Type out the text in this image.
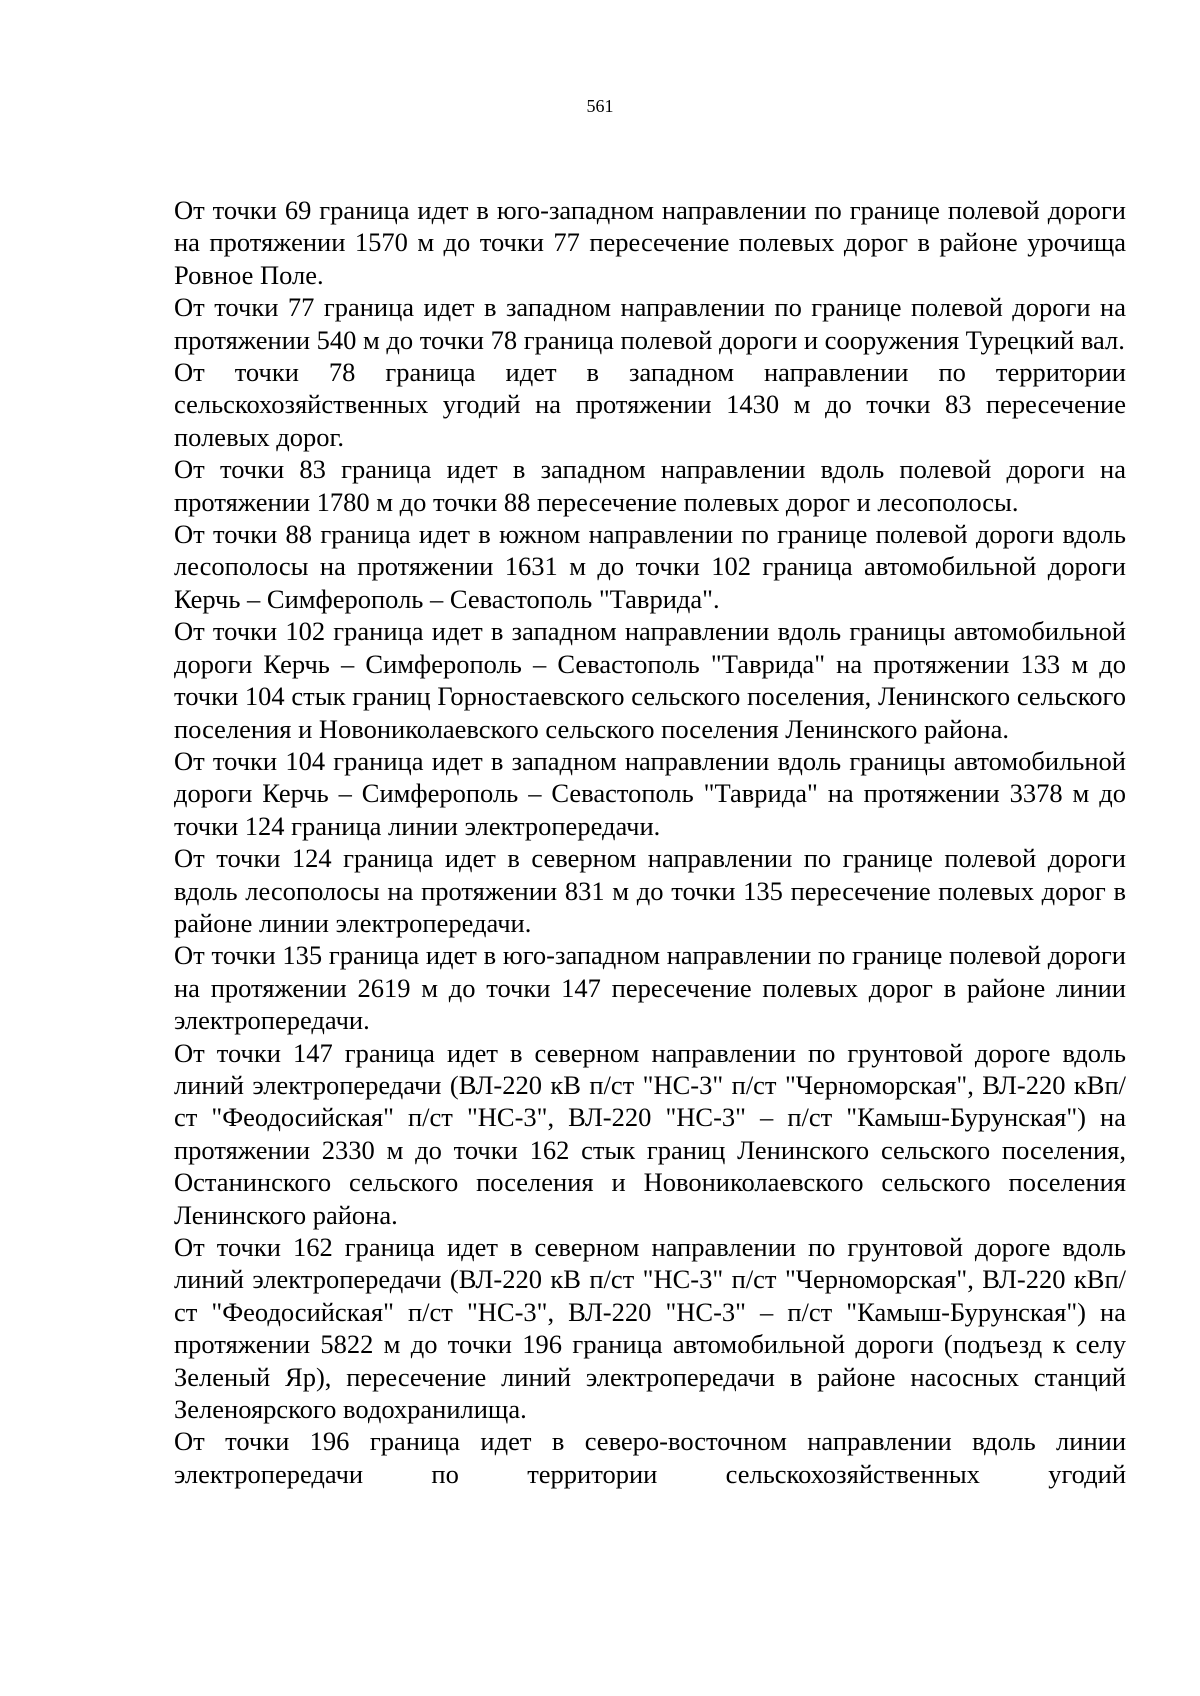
561

От точки 69 граница идет в юго-западном направлении по границе полевой дороги на протяжении 1570 м до точки 77 пересечение полевых дорог в районе урочища Ровное Поле.

От точки 77 граница идет в западном направлении по границе полевой дороги на протяжении 540 м до точки 78 граница полевой дороги и сооружения Турецкий вал.

От точки 78 граница идет в западном направлении по территории сельскохозяйственных угодий на протяжении 1430 м до точки 83 пересечение полевых дорог.

От точки 83 граница идет в западном направлении вдоль полевой дороги на протяжении 1780 м до точки 88 пересечение полевых дорог и лесополосы.

От точки 88 граница идет в южном направлении по границе полевой дороги вдоль лесополосы на протяжении 1631 м до точки 102 граница автомобильной дороги Керчь – Симферополь – Севастополь "Таврида".

От точки 102 граница идет в западном направлении вдоль границы автомобильной дороги Керчь – Симферополь – Севастополь "Таврида" на протяжении 133 м до точки 104 стык границ Горностаевского сельского поселения, Ленинского сельского поселения и Новониколаевского сельского поселения Ленинского района.

От точки 104 граница идет в западном направлении вдоль границы автомобильной дороги Керчь – Симферополь – Севастополь "Таврида" на протяжении 3378 м до точки 124 граница линии электропередачи.

От точки 124 граница идет в северном направлении по границе полевой дороги вдоль лесополосы на протяжении 831 м до точки 135 пересечение полевых дорог в районе линии электропередачи.

От точки 135 граница идет в юго-западном направлении по границе полевой дороги на протяжении 2619 м до точки 147 пересечение полевых дорог в районе линии электропередачи.

От точки 147 граница идет в северном направлении по грунтовой дороге вдоль линий электропередачи (ВЛ-220 кВ п/ст "НС-3" п/ст "Черноморская", ВЛ-220 кВп/ст "Феодосийская" п/ст "НС-3", ВЛ-220 "НС-3" – п/ст "Камыш-Бурунская") на протяжении 2330 м до точки 162 стык границ Ленинского сельского поселения, Останинского сельского поселения и Новониколаевского сельского поселения Ленинского района.

От точки 162 граница идет в северном направлении по грунтовой дороге вдоль линий электропередачи (ВЛ-220 кВ п/ст "НС-3" п/ст "Черноморская", ВЛ-220 кВп/ст "Феодосийская" п/ст "НС-3", ВЛ-220 "НС-3" – п/ст "Камыш-Бурунская") на протяжении 5822 м до точки 196 граница автомобильной дороги (подъезд к селу Зеленый Яр), пересечение линий электропередачи в районе насосных станций Зеленоярского водохранилища.

От точки 196 граница идет в северо-восточном направлении вдоль линии электропередачи по территории сельскохозяйственных угодий
